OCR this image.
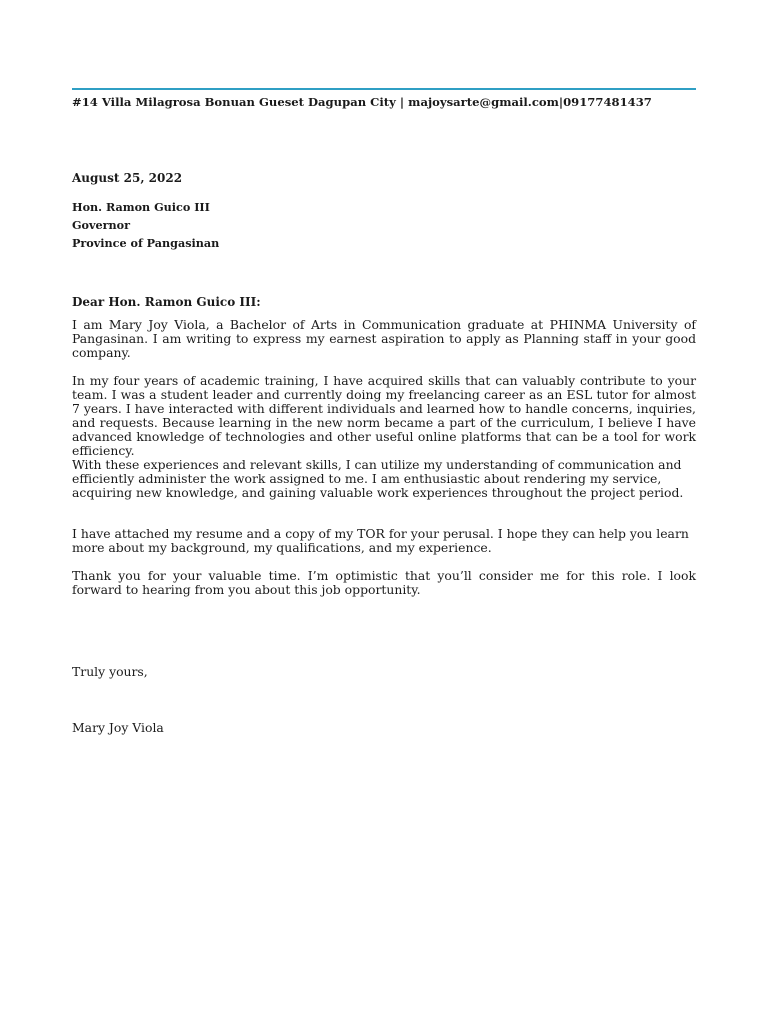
#14 Villa Milagrosa Bonuan Gueset Dagupan City | majoysarte@gmail.com|09177481437
August 25, 2022
Hon. Ramon Guico III
Governor
Province of Pangasinan
Dear Hon. Ramon Guico III:

I am Mary Joy Viola, a Bachelor of Arts in Communication graduate at PHINMA University of Pangasinan. I am writing to express my earnest aspiration to apply as Planning staff in your good company.

In my four years of academic training, I have acquired skills that can valuably contribute to your team. I was a student leader and currently doing my freelancing career as an ESL tutor for almost 7 years. I have interacted with different individuals and learned how to handle concerns, inquiries, and requests. Because learning in the new norm became a part of the curriculum, I believe I have advanced knowledge of technologies and other useful online platforms that can be a tool for work efficiency.

With these experiences and relevant skills, I can utilize my understanding of communication and efficiently administer the work assigned to me. I am enthusiastic about rendering my service, acquiring new knowledge, and gaining valuable work experiences throughout the project period.

I have attached my resume and a copy of my TOR for your perusal. I hope they can help you learn more about my background, my qualifications, and my experience.

Thank you for your valuable time. I’m optimistic that you’ll consider me for this role. I look forward to hearing from you about this job opportunity.

Truly yours,
Mary Joy Viola
